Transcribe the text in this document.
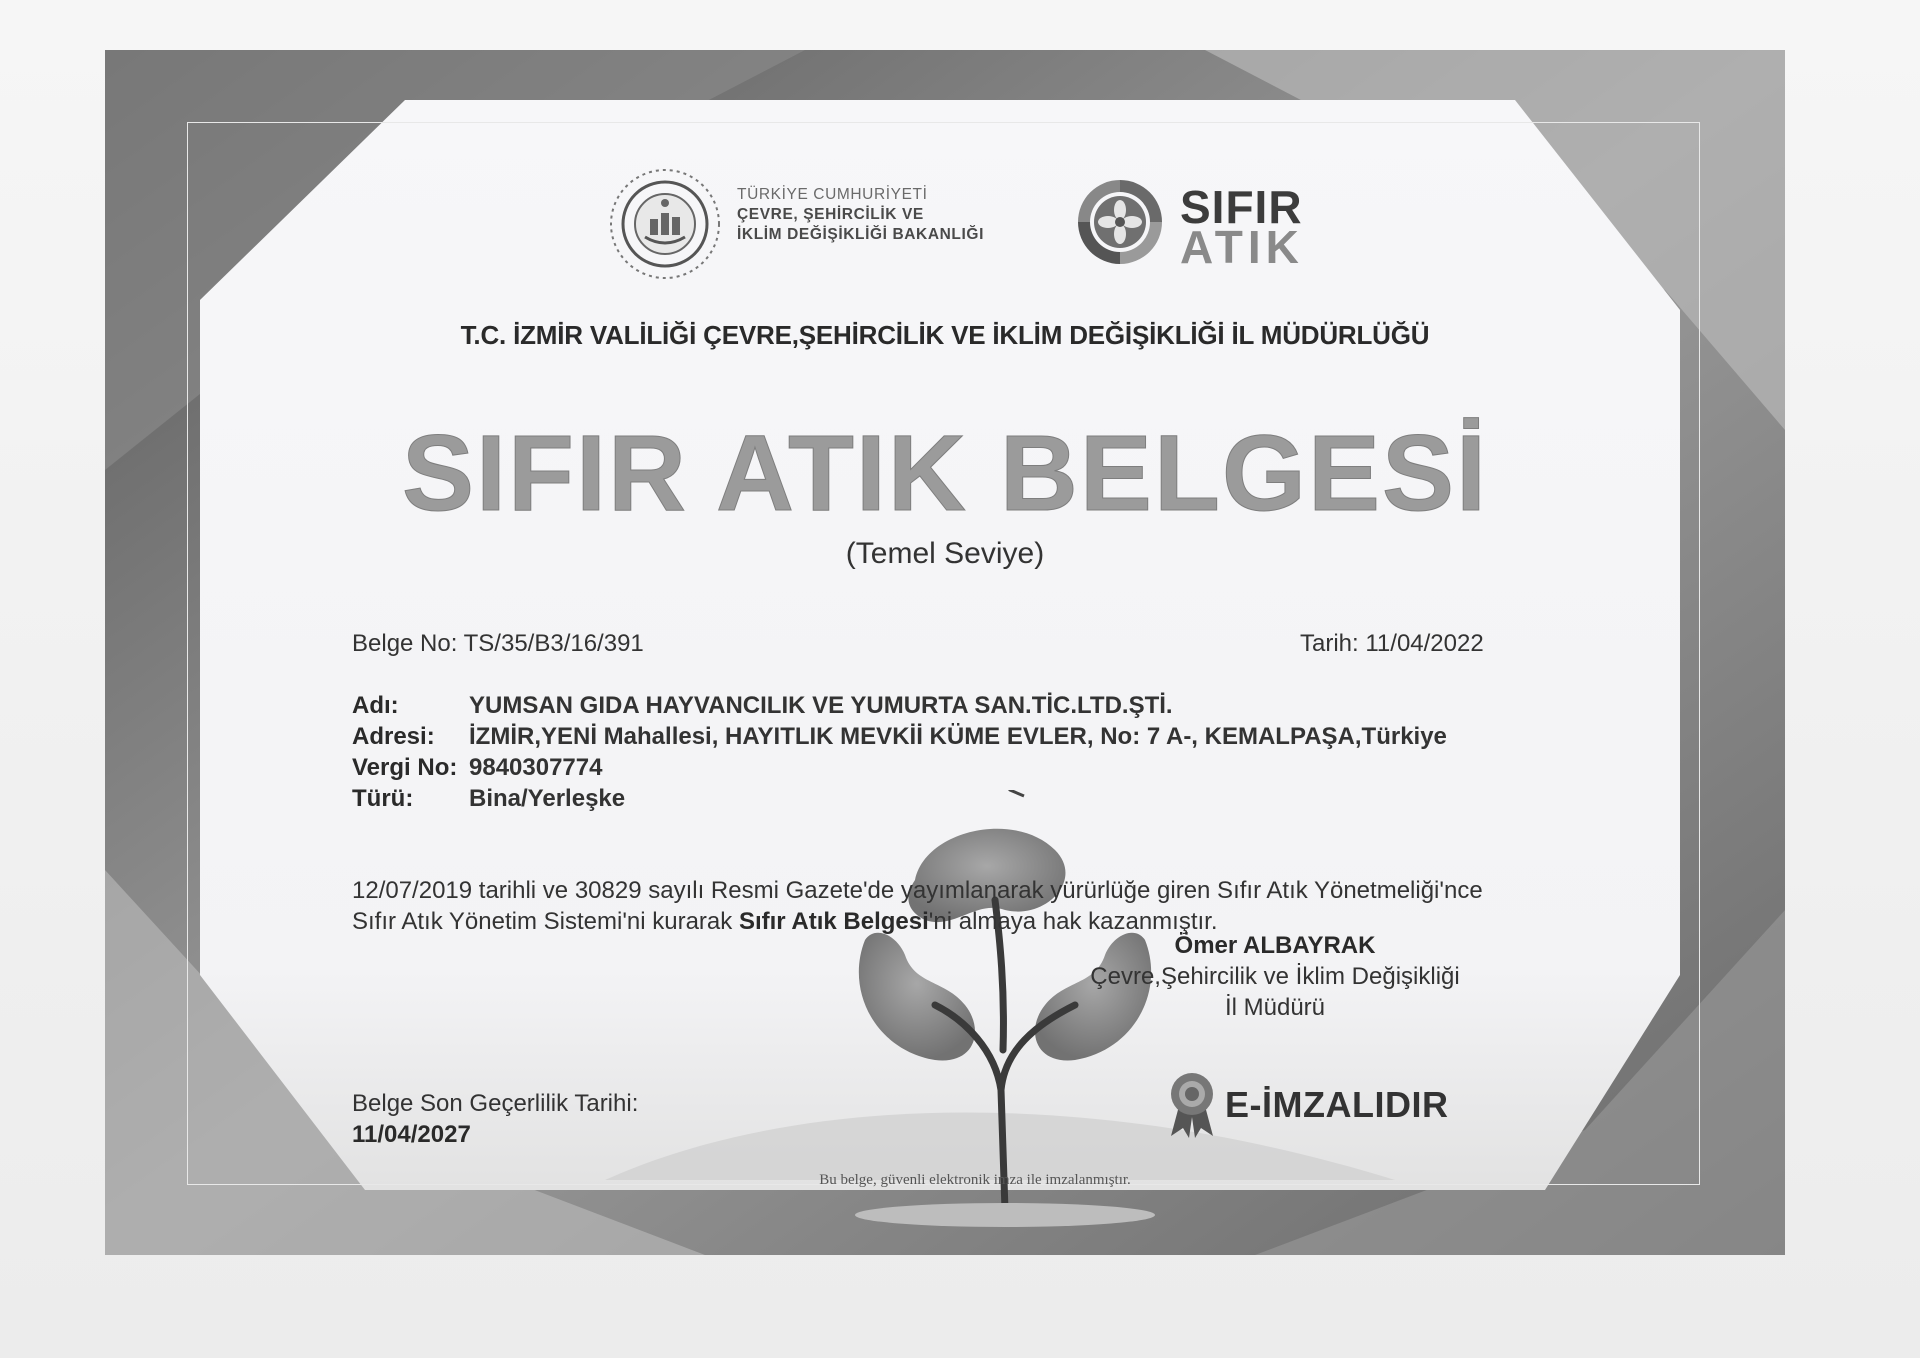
TÜRKİYE CUMHURİYETİ
ÇEVRE, ŞEHİRCİLİK VE
İKLİM DEĞİŞİKLİĞİ BAKANLIĞI
SIFIR
ATIK
T.C. İZMİR VALİLİĞİ ÇEVRE,ŞEHİRCİLİK VE İKLİM DEĞİŞİKLİĞİ İL MÜDÜRLÜĞÜ
SIFIR ATIK BELGESİ
(Temel Seviye)
Belge No: TS/35/B3/16/391	Tarih: 11/04/2022
Adı:	YUMSAN GIDA HAYVANCILIK VE YUMURTA SAN.TİC.LTD.ŞTİ.
Adresi:	İZMİR,YENİ Mahallesi, HAYITLIK MEVKİİ KÜME EVLER, No: 7 A-, KEMALPAŞA,Türkiye
Vergi No: 9840307774
Türü:	Bina/Yerleşke
12/07/2019 tarihli ve 30829 sayılı Resmi Gazete'de yayımlanarak yürürlüğe giren Sıfır Atık Yönetmeliği'nce Sıfır Atık Yönetim Sistemi'ni kurarak Sıfır Atık Belgesi'ni almaya hak kazanmıştır.
Ömer ALBAYRAK
Çevre,Şehircilik ve İklim Değişikliği
İl Müdürü
E-İMZALIDIR
Belge Son Geçerlilik Tarihi:
11/04/2027
Bu belge, güvenli elektronik imza ile imzalanmıştır.
